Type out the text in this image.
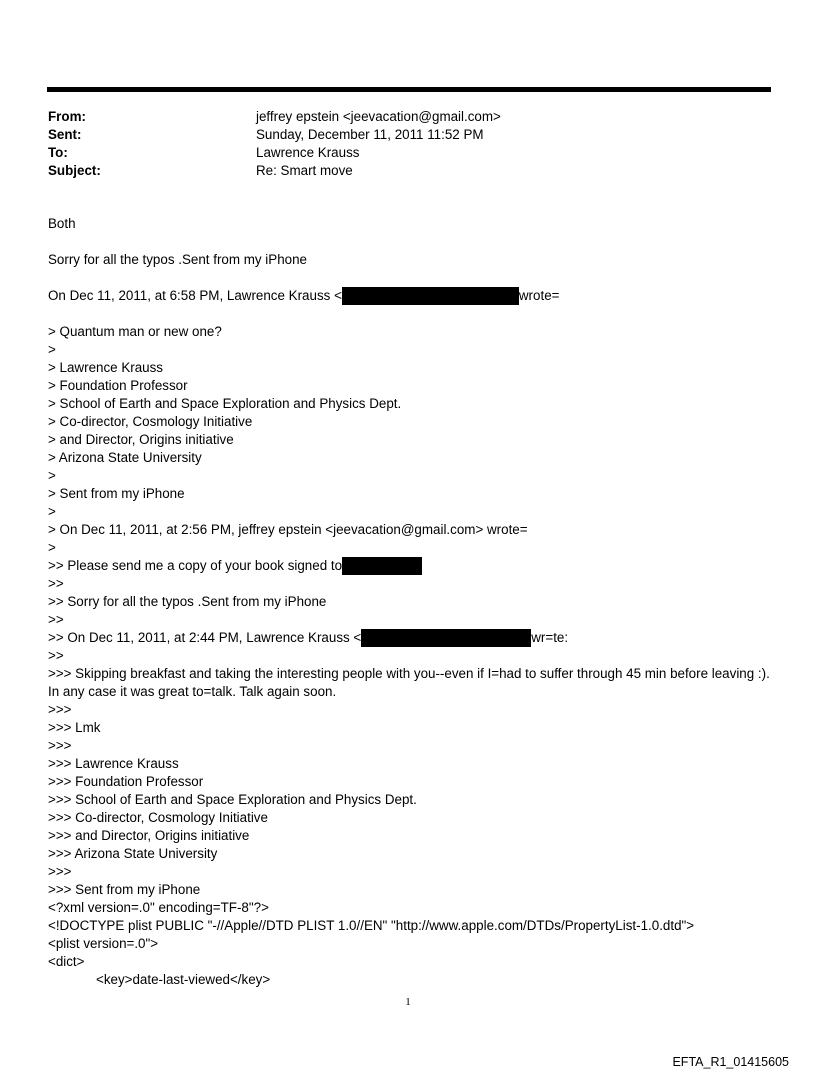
From:	jeffrey epstein <jeevacation@gmail.com>
Sent:	Sunday, December 11, 2011 11:52 PM
To:	Lawrence Krauss
Subject:	Re: Smart move
Both
Sorry for all the typos .Sent from my iPhone
On Dec 11, 2011, at 6:58 PM, Lawrence Krauss <	wrote=
> Quantum man or new one?
>
> Lawrence Krauss
> Foundation Professor
> School of Earth and Space Exploration and Physics Dept.
> Co-director, Cosmology Initiative
> and Director, Origins initiative
> Arizona State University
>
> Sent from my iPhone
>
> On Dec 11, 2011, at 2:56 PM, jeffrey epstein <jeevacation@gmail.com> wrote=
>
>> Please send me a copy of your book signed to
>>
>> Sorry for all the typos .Sent from my iPhone
>>
>> On Dec 11, 2011, at 2:44 PM, Lawrence Krauss <	wr=te:
>>
>>> Skipping breakfast and taking the interesting people with you--even if I=had to suffer through 45 min before leaving :). In any case it was great to=talk. Talk again soon.
>>>
>>> Lmk
>>>
>>> Lawrence Krauss
>>> Foundation Professor
>>> School of Earth and Space Exploration and Physics Dept.
>>> Co-director, Cosmology Initiative
>>> and Director, Origins initiative
>>> Arizona State University
>>>
>>> Sent from my iPhone
<?xml version=.0" encoding=TF-8"?>
<!DOCTYPE plist PUBLIC "-//Apple//DTD PLIST 1.0//EN" "http://www.apple.com/DTDs/PropertyList-1.0.dtd">
<plist version=.0">
<dict>
<key>date-last-viewed</key>
1
EFTA_R1_01415605
